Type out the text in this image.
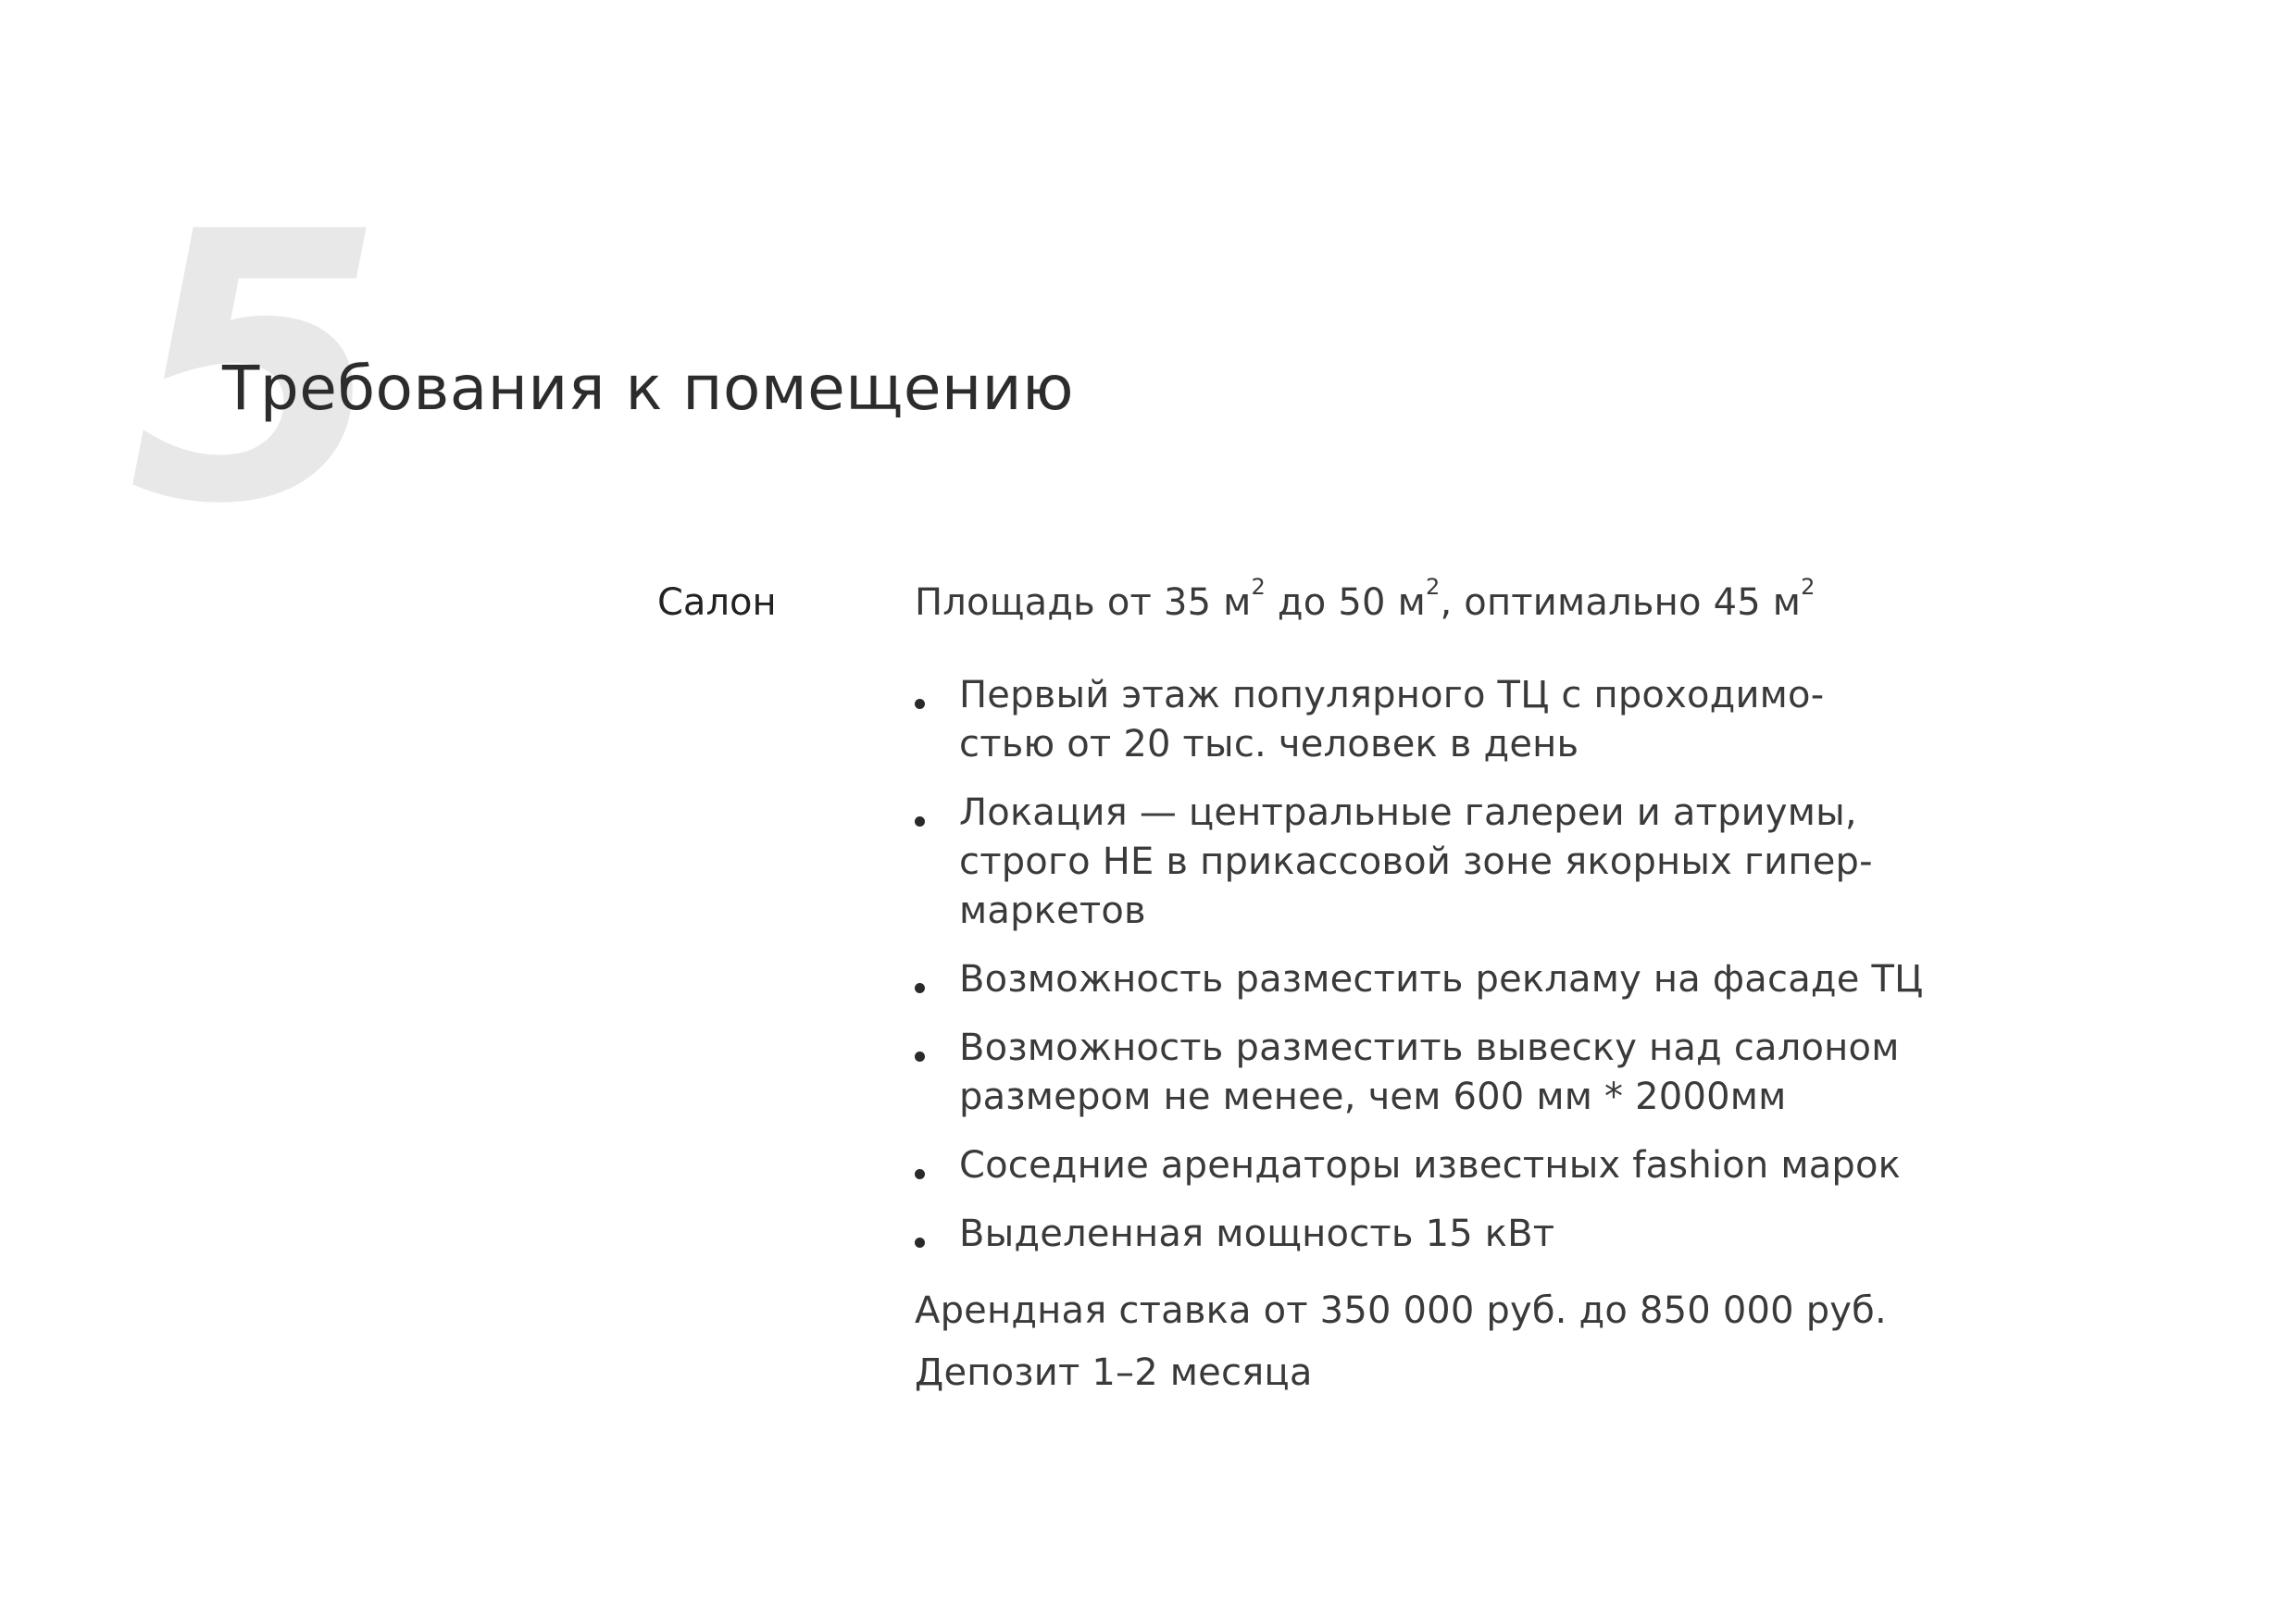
5
Требования к помещению
Салон	Площадь от 35 $м^2$ до 50 $м^2$, оптимально 45 $м^2$

Первый этаж популярного ТЦ с проходимо-
стью от 20 тыс. человек в день
Локация — центральные галереи и атриумы,
строго НЕ в прикассовой зоне якорных гипер-
маркетов
Возможность разместить рекламу на фасаде ТЦ
Возможность разместить вывеску над салоном
размером не менее, чем 600 мм * 2000мм
Соседние арендаторы известных fashion марок
Выделенная мощность 15 кВт

Арендная ставка от 350 000 руб. до 850 000 руб.

Депозит 1–2 месяца
